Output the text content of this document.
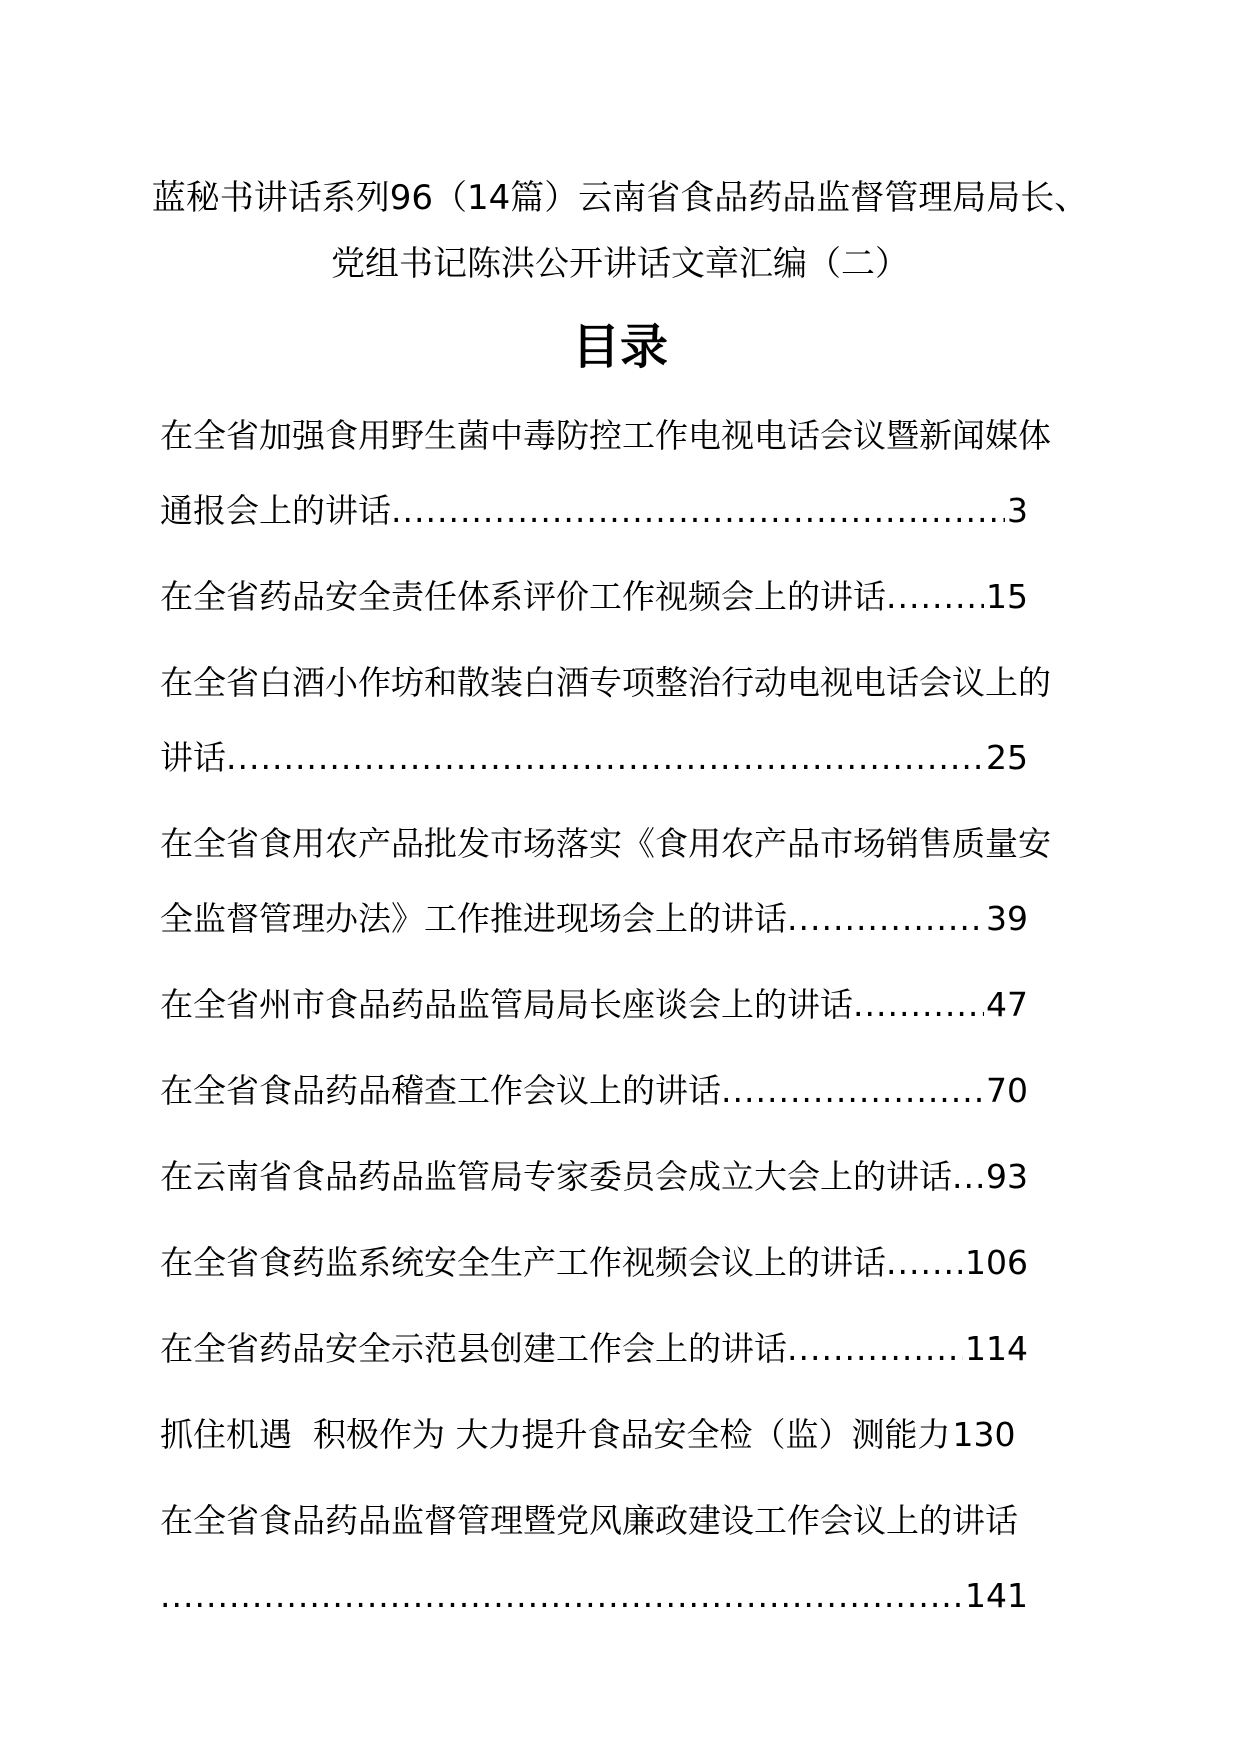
蓝秘书讲话系列96（14篇）云南省食品药品监督管理局局长、
党组书记陈洪公开讲话文章汇编（二）
目录
在全省加强食用野生菌中毒防控工作电视电话会议暨新闻媒体
通报会上的讲话 .....	3
在全省药品安全责任体系评价工作视频会上的讲话 .....	15
在全省白酒小作坊和散装白酒专项整治行动电视电话会议上的
讲话 .....	25
在全省食用农产品批发市场落实《食用农产品市场销售质量安
全监督管理办法》工作推进现场会上的讲话 .....	39
在全省州市食品药品监管局局长座谈会上的讲话 .....	47
在全省食品药品稽查工作会议上的讲话 .....	70
在云南省食品药品监管局专家委员会成立大会上的讲话 ..... 93
在全省食药监系统安全生产工作视频会议上的讲话 ..... 106
在全省药品安全示范县创建工作会上的讲话 .....	114
抓住机遇  积极作为 大力提升食品安全检（监）测能力 130
在全省食品药品监督管理暨党风廉政建设工作会议上的讲话
.....
141
